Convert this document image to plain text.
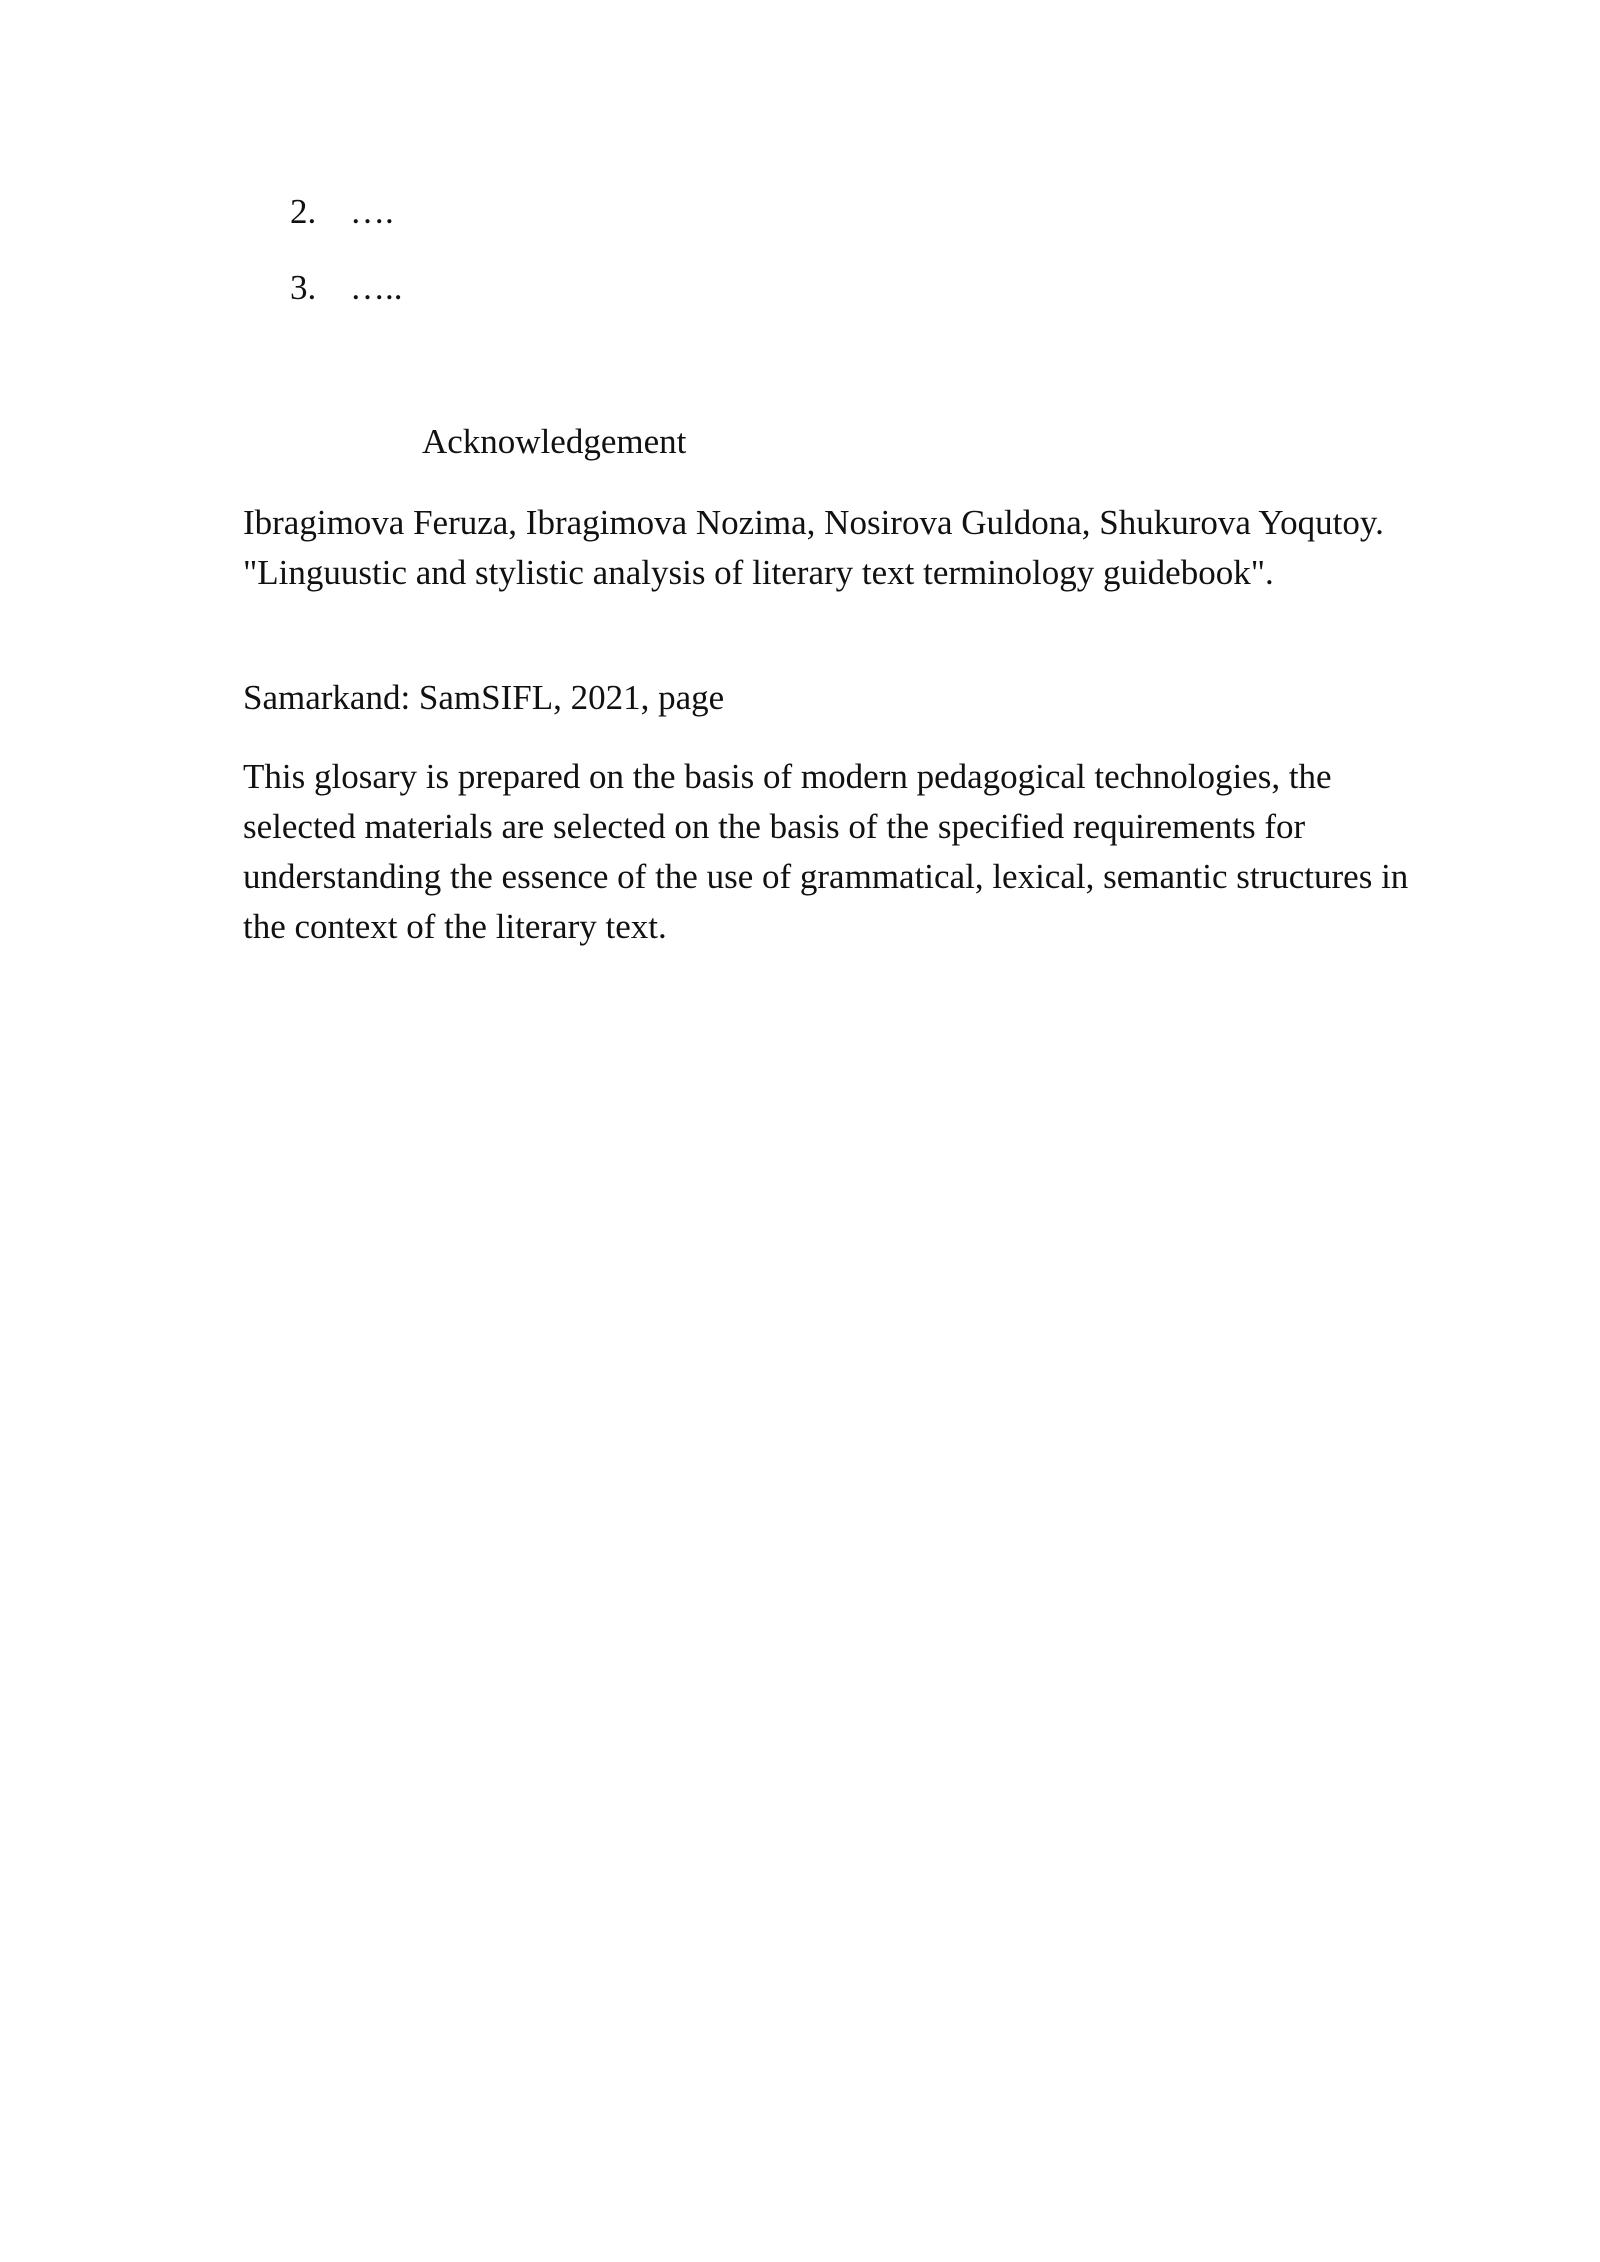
2. ….
3. …..
Acknowledgement

Ibragimova Feruza, Ibragimova Nozima, Nosirova Guldona, Shukurova Yoqutoy. "Linguustic and stylistic analysis of literary text terminology guidebook".

Samarkand: SamSIFL, 2021, page

This glosary is prepared on the basis of modern pedagogical technologies, the selected materials are selected on the basis of the specified requirements for understanding the essence of the use of grammatical, lexical, semantic structures in the context of the literary text.
